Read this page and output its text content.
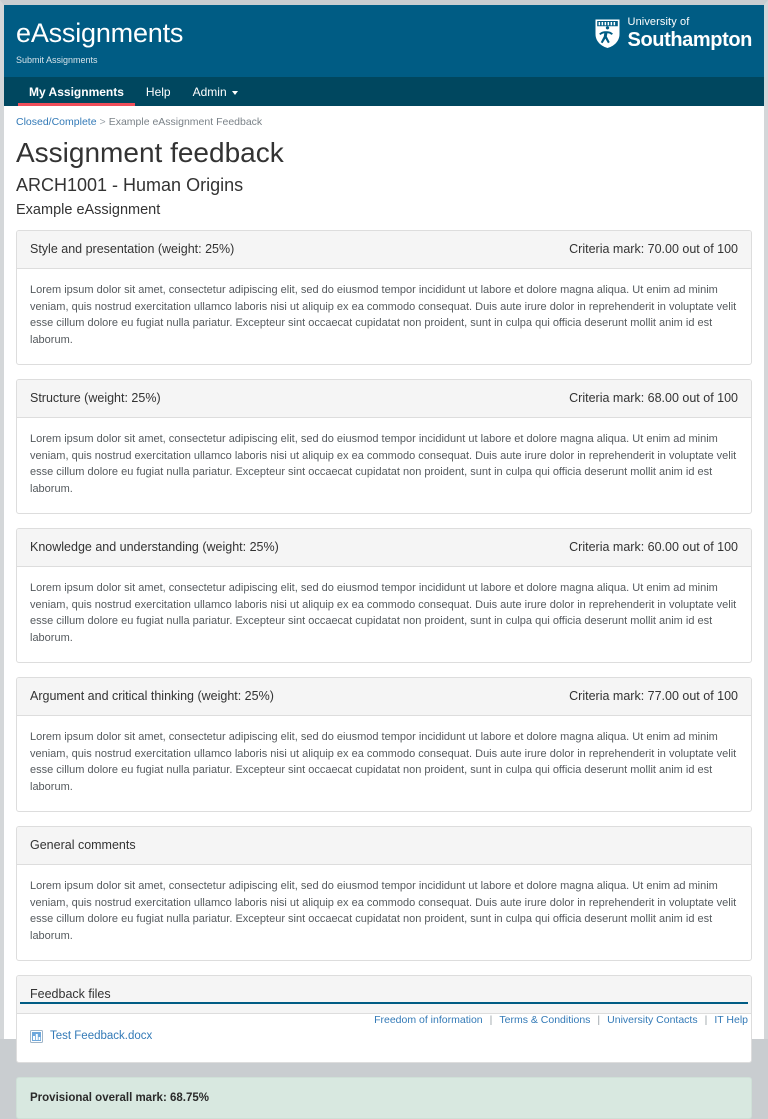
eAssignments
Submit Assignments
University of
Southampton
My Assignments Help Admin
Closed/Complete > Example eAssignment Feedback
Assignment feedback
ARCH1001 - Human Origins
Example eAssignment
Style and presentation (weight: 25%)	Criteria mark: 70.00 out of 100

Lorem ipsum dolor sit amet, consectetur adipiscing elit, sed do eiusmod tempor incididunt ut labore et dolore magna aliqua. Ut enim ad minim veniam, quis nostrud exercitation ullamco laboris nisi ut aliquip ex ea commodo consequat. Duis aute irure dolor in reprehenderit in voluptate velit esse cillum dolore eu fugiat nulla pariatur. Excepteur sint occaecat cupidatat non proident, sunt in culpa qui officia deserunt mollit anim id est laborum.

Structure (weight: 25%)	Criteria mark: 68.00 out of 100

Lorem ipsum dolor sit amet, consectetur adipiscing elit, sed do eiusmod tempor incididunt ut labore et dolore magna aliqua. Ut enim ad minim veniam, quis nostrud exercitation ullamco laboris nisi ut aliquip ex ea commodo consequat. Duis aute irure dolor in reprehenderit in voluptate velit esse cillum dolore eu fugiat nulla pariatur. Excepteur sint occaecat cupidatat non proident, sunt in culpa qui officia deserunt mollit anim id est laborum.

Knowledge and understanding (weight: 25%)	Criteria mark: 60.00 out of 100

Lorem ipsum dolor sit amet, consectetur adipiscing elit, sed do eiusmod tempor incididunt ut labore et dolore magna aliqua. Ut enim ad minim veniam, quis nostrud exercitation ullamco laboris nisi ut aliquip ex ea commodo consequat. Duis aute irure dolor in reprehenderit in voluptate velit esse cillum dolore eu fugiat nulla pariatur. Excepteur sint occaecat cupidatat non proident, sunt in culpa qui officia deserunt mollit anim id est laborum.

Argument and critical thinking (weight: 25%)	Criteria mark: 77.00 out of 100

Lorem ipsum dolor sit amet, consectetur adipiscing elit, sed do eiusmod tempor incididunt ut labore et dolore magna aliqua. Ut enim ad minim veniam, quis nostrud exercitation ullamco laboris nisi ut aliquip ex ea commodo consequat. Duis aute irure dolor in reprehenderit in voluptate velit esse cillum dolore eu fugiat nulla pariatur. Excepteur sint occaecat cupidatat non proident, sunt in culpa qui officia deserunt mollit anim id est laborum.

General comments

Lorem ipsum dolor sit amet, consectetur adipiscing elit, sed do eiusmod tempor incididunt ut labore et dolore magna aliqua. Ut enim ad minim veniam, quis nostrud exercitation ullamco laboris nisi ut aliquip ex ea commodo consequat. Duis aute irure dolor in reprehenderit in voluptate velit esse cillum dolore eu fugiat nulla pariatur. Excepteur sint occaecat cupidatat non proident, sunt in culpa qui officia deserunt mollit anim id est laborum.

Feedback files
Test Feedback.docx
Provisional overall mark: 68.75%
Freedom of information | Terms & Conditions | University Contacts | IT Help
